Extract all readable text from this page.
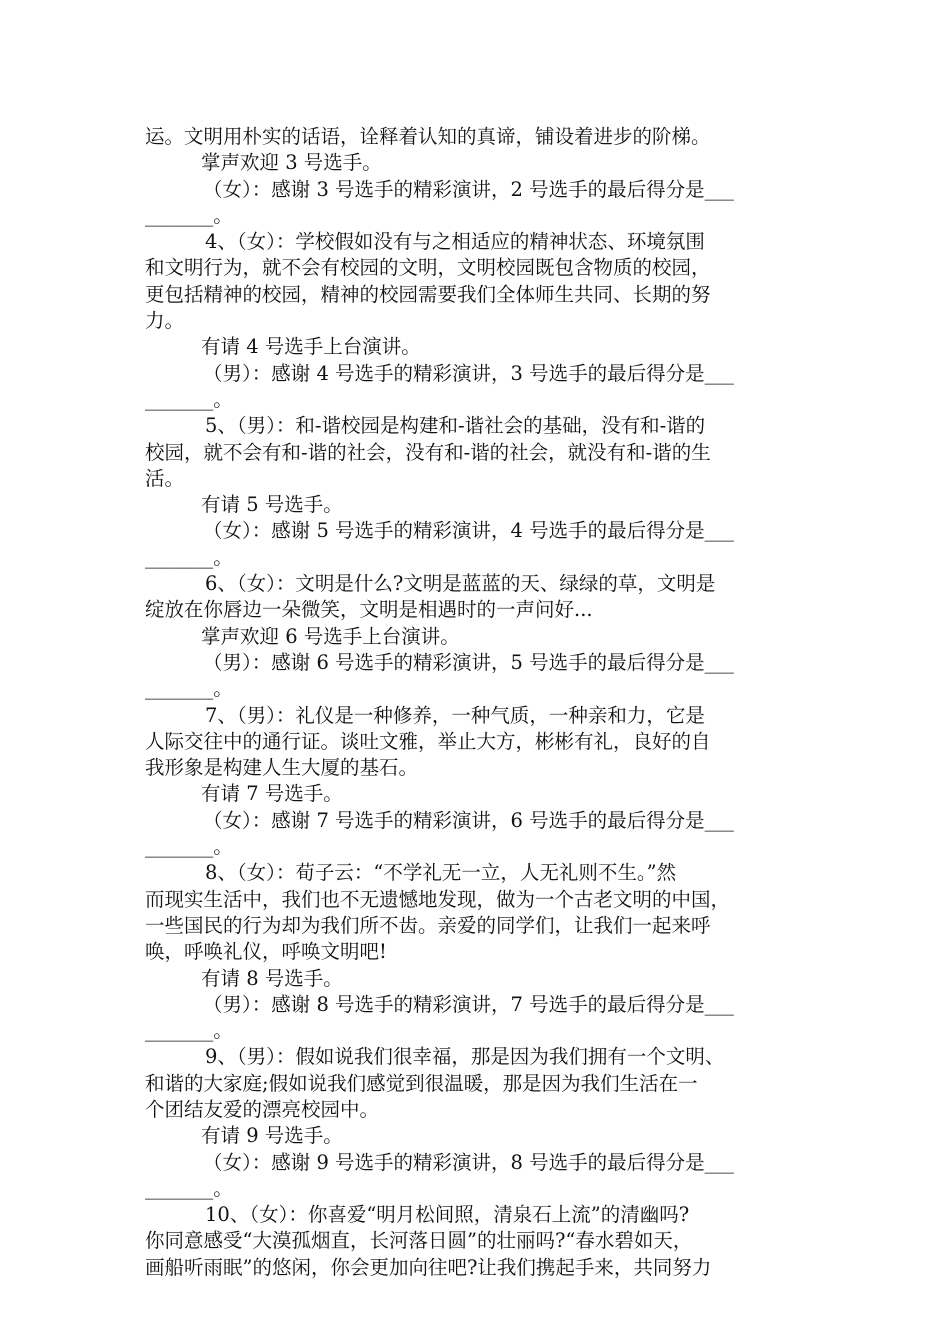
运。文明用朴实的话语，诠释着认知的真谛，铺设着进步的阶梯。
掌声欢迎 3 号选手。
（女）：感谢 3 号选手的精彩演讲，2 号选手的最后得分是___
_______。
4、（女）：学校假如没有与之相适应的精神状态、环境氛围
和文明行为，就不会有校园的文明，文明校园既包含物质的校园，
更包括精神的校园，精神的校园需要我们全体师生共同、长期的努
力。
有请 4 号选手上台演讲。
（男）：感谢 4 号选手的精彩演讲，3 号选手的最后得分是___
_______。
5、（男）：和-谐校园是构建和-谐社会的基础，没有和-谐的
校园，就不会有和-谐的社会，没有和-谐的社会，就没有和-谐的生
活。
有请 5 号选手。
（女）：感谢 5 号选手的精彩演讲，4 号选手的最后得分是___
_______。
6、（女）：文明是什么?文明是蓝蓝的天、绿绿的草，文明是
绽放在你唇边一朵微笑，文明是相遇时的一声问好...
掌声欢迎 6 号选手上台演讲。
（男）：感谢 6 号选手的精彩演讲，5 号选手的最后得分是___
_______。
7、（男）：礼仪是一种修养，一种气质，一种亲和力，它是
人际交往中的通行证。谈吐文雅，举止大方，彬彬有礼，良好的自
我形象是构建人生大厦的基石。
有请 7 号选手。
（女）：感谢 7 号选手的精彩演讲，6 号选手的最后得分是___
_______。
8、（女）：荀子云：“不学礼无一立，人无礼则不生。”然
而现实生活中，我们也不无遗憾地发现，做为一个古老文明的中国，
一些国民的行为却为我们所不齿。亲爱的同学们，让我们一起来呼
唤，呼唤礼仪，呼唤文明吧!
有请 8 号选手。
（男）：感谢 8 号选手的精彩演讲，7 号选手的最后得分是___
_______。
9、（男）：假如说我们很幸福，那是因为我们拥有一个文明、
和谐的大家庭;假如说我们感觉到很温暖，那是因为我们生活在一
个团结友爱的漂亮校园中。
有请 9 号选手。
（女）：感谢 9 号选手的精彩演讲，8 号选手的最后得分是___
_______。
10、（女）：你喜爱“明月松间照，清泉石上流”的清幽吗?
你同意感受“大漠孤烟直，长河落日圆”的壮丽吗?“春水碧如天，
画船听雨眠”的悠闲，你会更加向往吧?让我们携起手来，共同努力
